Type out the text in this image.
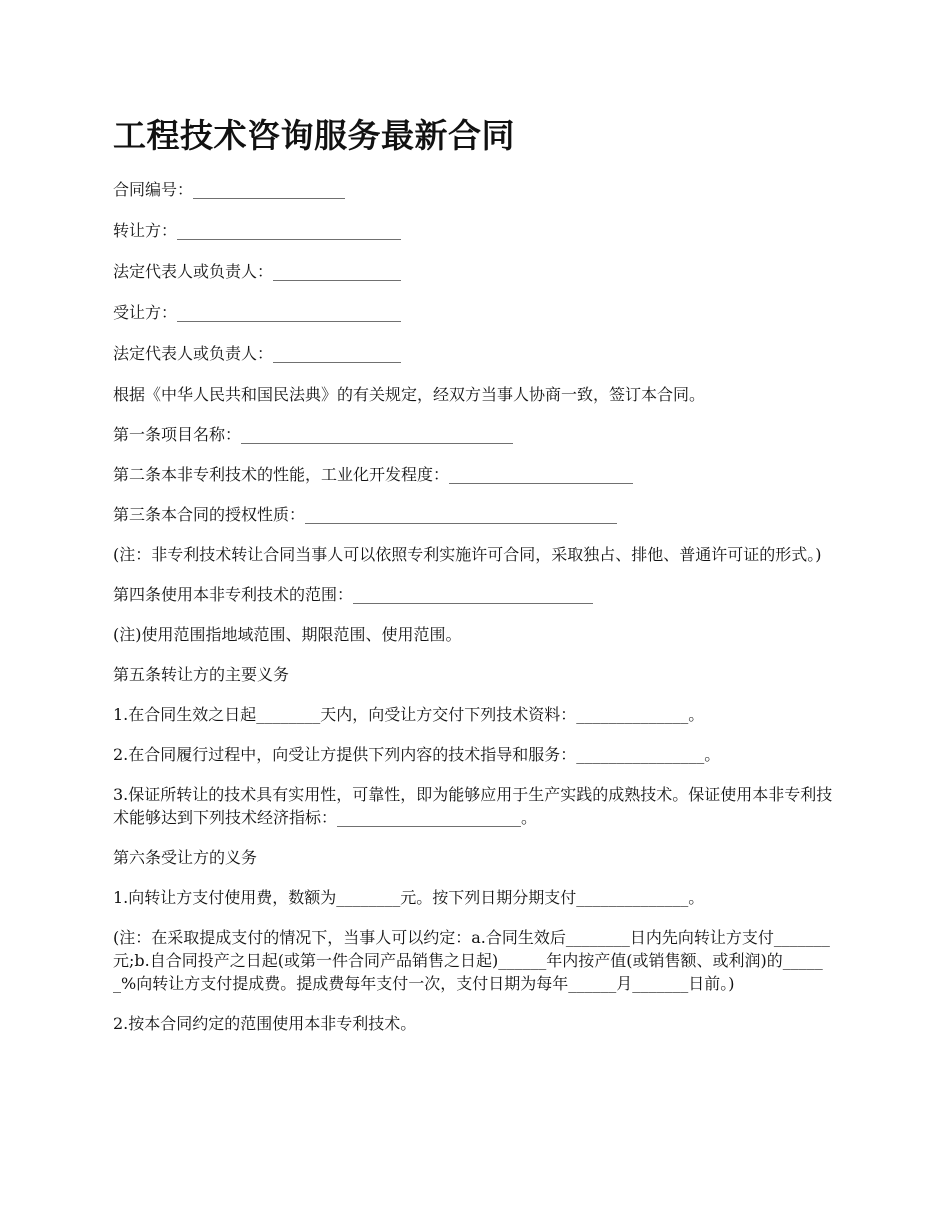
工程技术咨询服务最新合同

合同编号：___________________

转让方：____________________________

法定代表人或负责人：________________

受让方：____________________________

法定代表人或负责人：________________

根据《中华人民共和国民法典》的有关规定，经双方当事人协商一致，签订本合同。

第一条项目名称：__________________________________

第二条本非专利技术的性能，工业化开发程度：_______________________

第三条本合同的授权性质：_______________________________________

(注：非专利技术转让合同当事人可以依照专利实施许可合同，采取独占、排他、普通许可证的形式。)

第四条使用本非专利技术的范围：______________________________

(注)使用范围指地域范围、期限范围、使用范围。

第五条转让方的主要义务

1.在合同生效之日起________天内，向受让方交付下列技术资料：______________。

2.在合同履行过程中，向受让方提供下列内容的技术指导和服务：________________。

3.保证所转让的技术具有实用性，可靠性，即为能够应用于生产实践的成熟技术。保证使用本非专利技术能够达到下列技术经济指标：_______________________。

第六条受让方的义务

1.向转让方支付使用费，数额为________元。按下列日期分期支付______________。

(注：在采取提成支付的情况下，当事人可以约定：a.合同生效后________日内先向转让方支付_______元;b.自合同投产之日起(或第一件合同产品销售之日起)______年内按产值(或销售额、或利润)的______%向转让方支付提成费。提成费每年支付一次，支付日期为每年______月_______日前。)

2.按本合同约定的范围使用本非专利技术。
